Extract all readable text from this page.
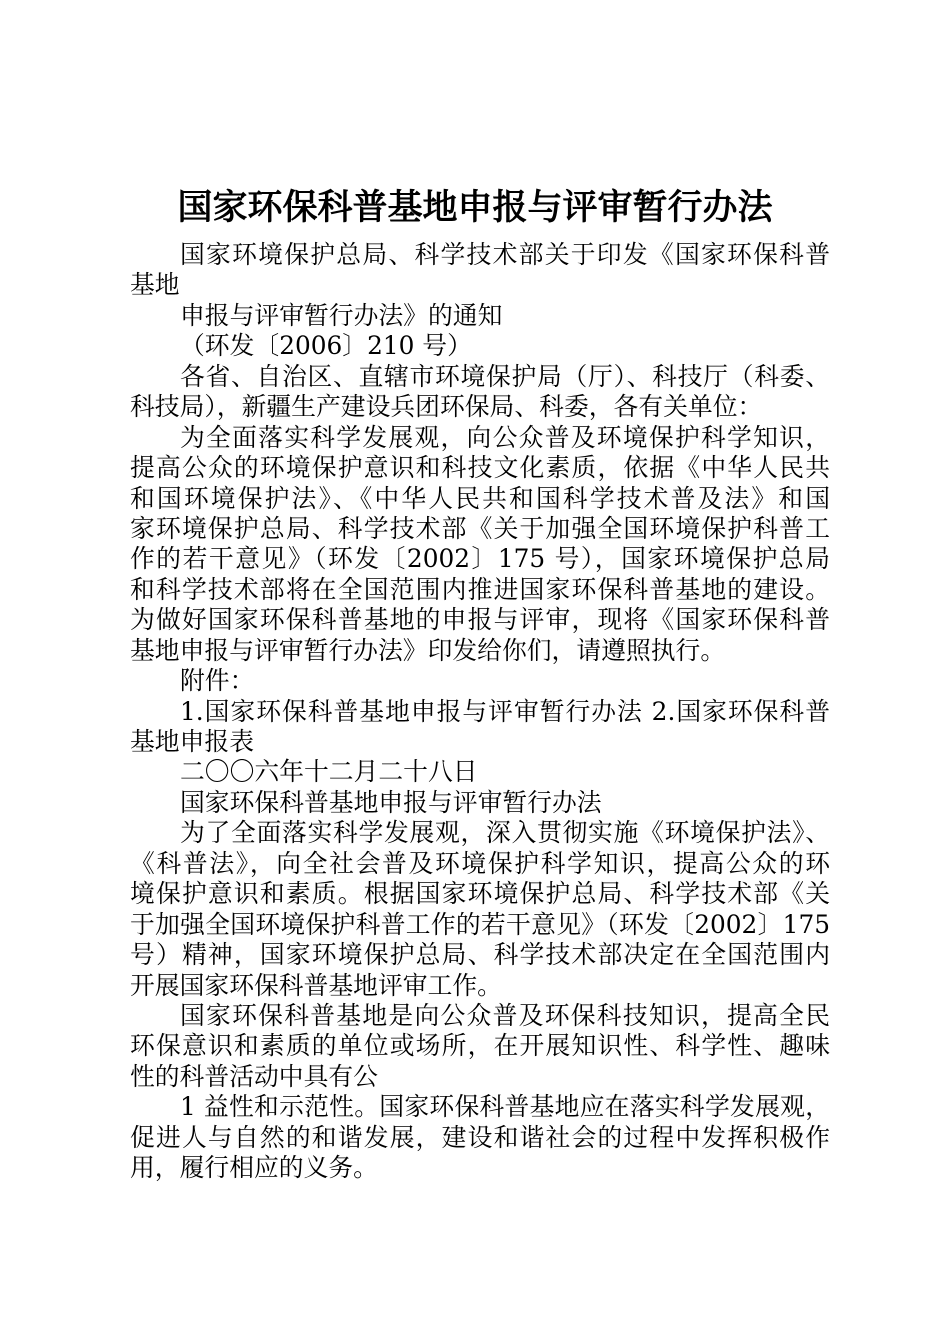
国家环保科普基地申报与评审暂行办法
国家环境保护总局、科学技术部关于印发《国家环保科普
基地
申报与评审暂行办法》的通知
（环发〔2006〕210 号）
各省、自治区、直辖市环境保护局（厅）、科技厅（科委、
科技局），新疆生产建设兵团环保局、科委，各有关单位：
为全面落实科学发展观，向公众普及环境保护科学知识，
提高公众的环境保护意识和科技文化素质，依据《中华人民共
和国环境保护法》、《中华人民共和国科学技术普及法》和国
家环境保护总局、科学技术部《关于加强全国环境保护科普工
作的若干意见》（环发〔2002〕175 号），国家环境保护总局
和科学技术部将在全国范围内推进国家环保科普基地的建设。
为做好国家环保科普基地的申报与评审，现将《国家环保科普
基地申报与评审暂行办法》印发给你们，请遵照执行。
附件：
1.国家环保科普基地申报与评审暂行办法 2.国家环保科普
基地申报表
二〇〇六年十二月二十八日
国家环保科普基地申报与评审暂行办法
为了全面落实科学发展观，深入贯彻实施《环境保护法》、
《科普法》，向全社会普及环境保护科学知识，提高公众的环
境保护意识和素质。根据国家环境保护总局、科学技术部《关
于加强全国环境保护科普工作的若干意见》（环发〔2002〕175
号）精神，国家环境保护总局、科学技术部决定在全国范围内
开展国家环保科普基地评审工作。
国家环保科普基地是向公众普及环保科技知识，提高全民
环保意识和素质的单位或场所，在开展知识性、科学性、趣味
性的科普活动中具有公
1 益性和示范性。国家环保科普基地应在落实科学发展观，
促进人与自然的和谐发展，建设和谐社会的过程中发挥积极作
用，履行相应的义务。
